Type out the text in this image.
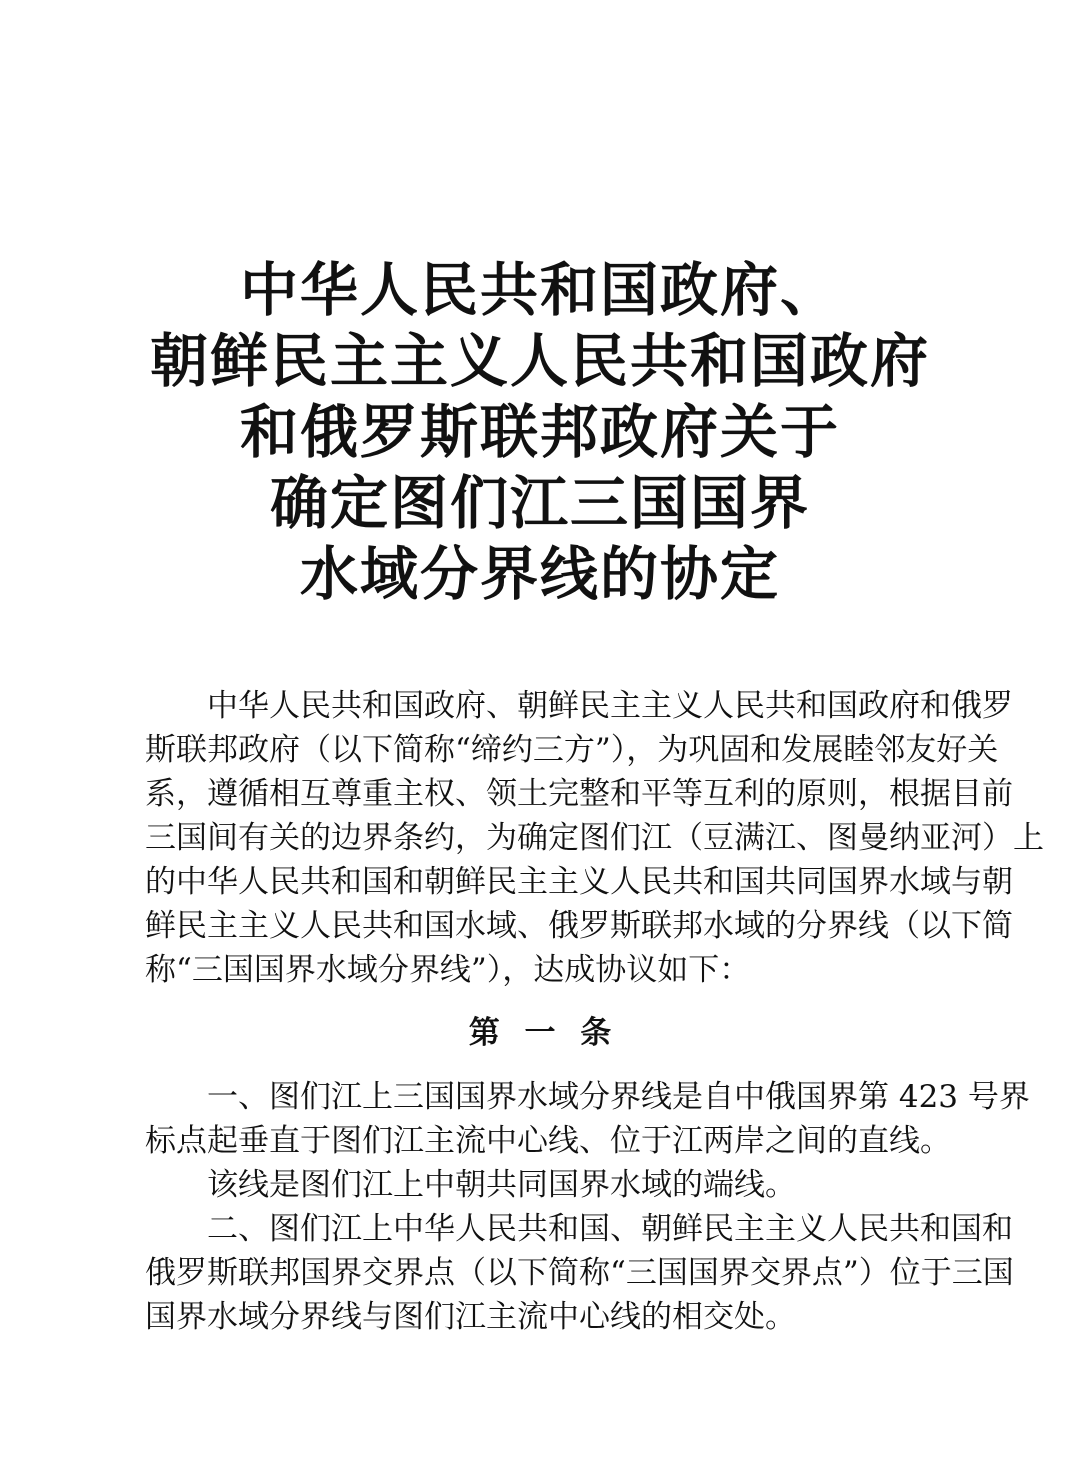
中华人民共和国政府、
朝鲜民主主义人民共和国政府
和俄罗斯联邦政府关于
确定图们江三国国界
水域分界线的协定
中华人民共和国政府、朝鲜民主主义人民共和国政府和俄罗
斯联邦政府（以下简称“缔约三方”），为巩固和发展睦邻友好关
系，遵循相互尊重主权、领土完整和平等互利的原则，根据目前
三国间有关的边界条约，为确定图们江（豆满江、图曼纳亚河）上
的中华人民共和国和朝鲜民主主义人民共和国共同国界水域与朝
鲜民主主义人民共和国水域、俄罗斯联邦水域的分界线（以下简
称“三国国界水域分界线”），达成协议如下：
第 一 条
一、图们江上三国国界水域分界线是自中俄国界第 423 号界
标点起垂直于图们江主流中心线、位于江两岸之间的直线。
该线是图们江上中朝共同国界水域的端线。
二、图们江上中华人民共和国、朝鲜民主主义人民共和国和
俄罗斯联邦国界交界点（以下简称“三国国界交界点”）位于三国
国界水域分界线与图们江主流中心线的相交处。
